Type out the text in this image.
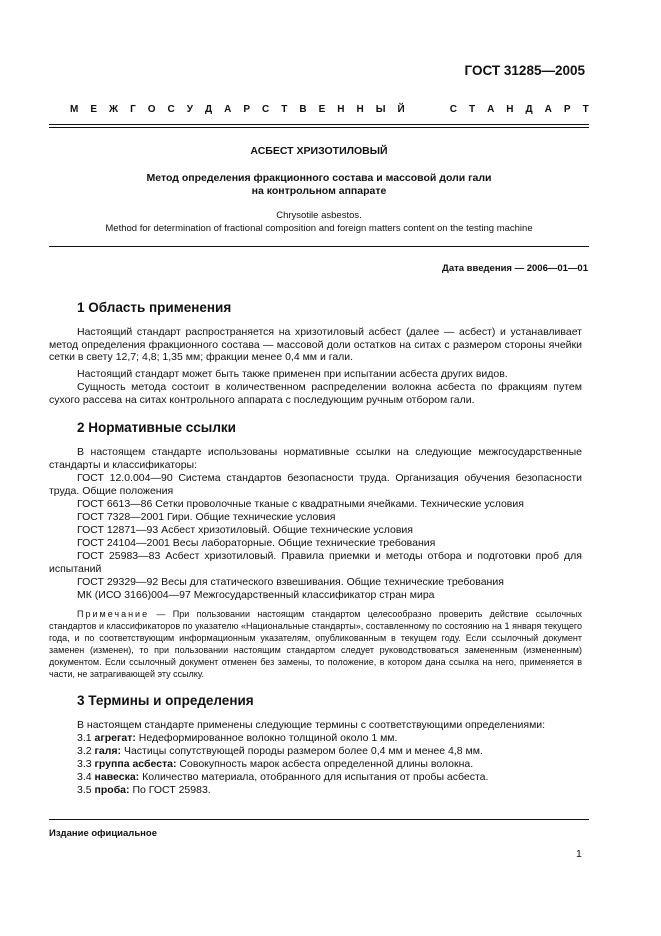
ГОСТ 31285—2005
М Е Ж Г О С У Д А Р С Т В Е Н Н Ы Й	С Т А Н Д А Р Т
АСБЕСТ ХРИЗОТИЛОВЫЙ
Метод определения фракционного состава и массовой доли гали
на контрольном аппарате
Chrysotile asbestos.
Method for determination of fractional composition and foreign matters content on the testing machine
Дата введения — 2006—01—01
1 Область применения
Настоящий стандарт распространяется на хризотиловый асбест (далее — асбест) и устанавливает метод определения фракционного состава — массовой доли остатков на ситах с размером стороны ячейки сетки в свету 12,7; 4,8; 1,35 мм; фракции менее 0,4 мм и гали.
Настоящий стандарт может быть также применен при испытании асбеста других видов.
Сущность метода состоит в количественном распределении волокна асбеста по фракциям путем сухого рассева на ситах контрольного аппарата с последующим ручным отбором гали.
2 Нормативные ссылки
В настоящем стандарте использованы нормативные ссылки на следующие межгосударственные стандарты и классификаторы:
ГОСТ 12.0.004—90 Система стандартов безопасности труда. Организация обучения безопасности труда. Общие положения
ГОСТ 6613—86 Сетки проволочные тканые с квадратными ячейками. Технические условия
ГОСТ 7328—2001 Гири. Общие технические условия
ГОСТ 12871—93 Асбест хризотиловый. Общие технические условия
ГОСТ 24104—2001 Весы лабораторные. Общие технические требования
ГОСТ 25983—83 Асбест хризотиловый. Правила приемки и методы отбора и подготовки проб для испытаний
ГОСТ 29329—92 Весы для статического взвешивания. Общие технические требования
МК (ИСО 3166)004—97 Межгосударственный классификатор стран мира
Примечание — При пользовании настоящим стандартом целесообразно проверить действие ссылочных стандартов и классификаторов по указателю «Национальные стандарты», составленному по состоянию на 1 января текущего года, и по соответствующим информационным указателям, опубликованным в текущем году. Если ссылочный документ заменен (изменен), то при пользовании настоящим стандартом следует руководствоваться замененным (измененным) документом. Если ссылочный документ отменен без замены, то положение, в котором дана ссылка на него, применяется в части, не затрагивающей эту ссылку.
3 Термины и определения
В настоящем стандарте применены следующие термины с соответствующими определениями:
3.1 агрегат: Недеформированное волокно толщиной около 1 мм.
3.2 галя: Частицы сопутствующей породы размером более 0,4 мм и менее 4,8 мм.
3.3 группа асбеста: Совокупность марок асбеста определенной длины волокна.
3.4 навеска: Количество материала, отобранного для испытания от пробы асбеста.
3.5 проба: По ГОСТ 25983.
Издание официальное
1
